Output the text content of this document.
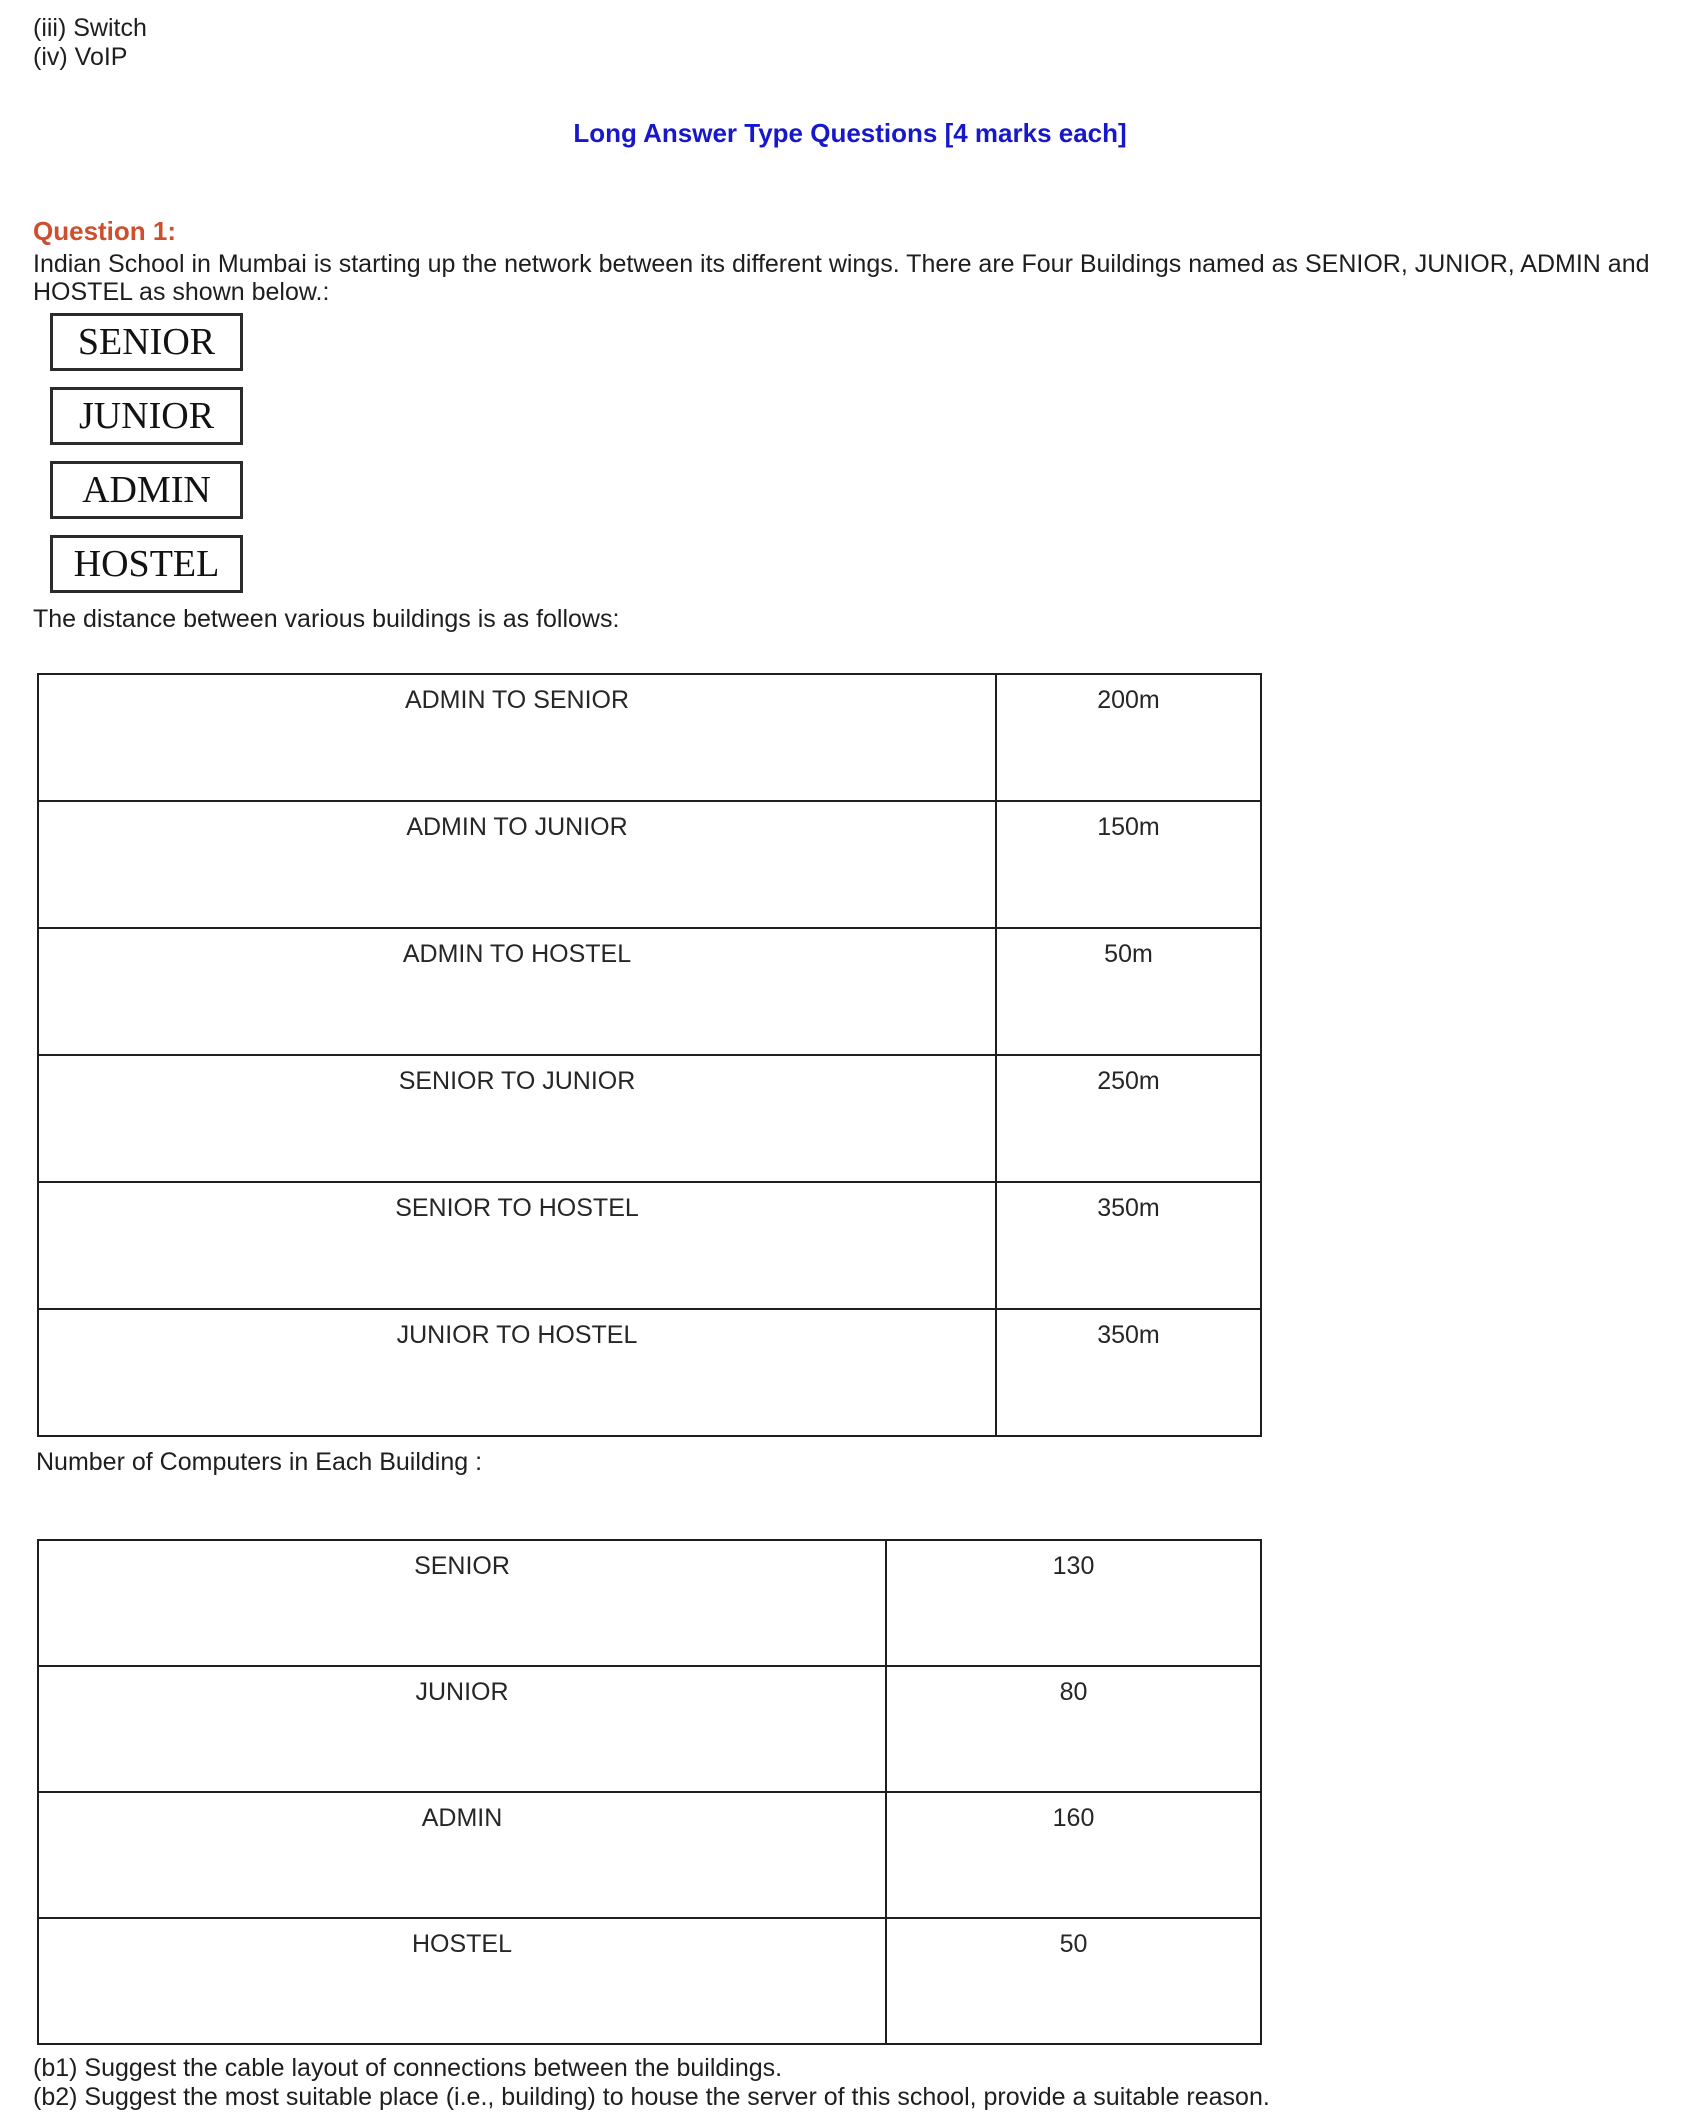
(iii) Switch
(iv) VoIP
Long Answer Type Questions [4 marks each]
Question 1:
Indian School in Mumbai is starting up the network between its different wings. There are Four Buildings named as SENIOR, JUNIOR, ADMIN and
HOSTEL as shown below.:
SENIOR
JUNIOR
ADMIN
HOSTEL
The distance between various buildings is as follows:
ADMIN TO SENIOR	200m
ADMIN TO JUNIOR	150m
ADMIN TO HOSTEL	50m
SENIOR TO JUNIOR	250m
SENIOR TO HOSTEL	350m
JUNIOR TO HOSTEL	350m
Number of Computers in Each Building :
SENIOR	130
JUNIOR	80
ADMIN	160
HOSTEL	50
(b1) Suggest the cable layout of connections between the buildings.
(b2) Suggest the most suitable place (i.e., building) to house the server of this school, provide a suitable reason.
